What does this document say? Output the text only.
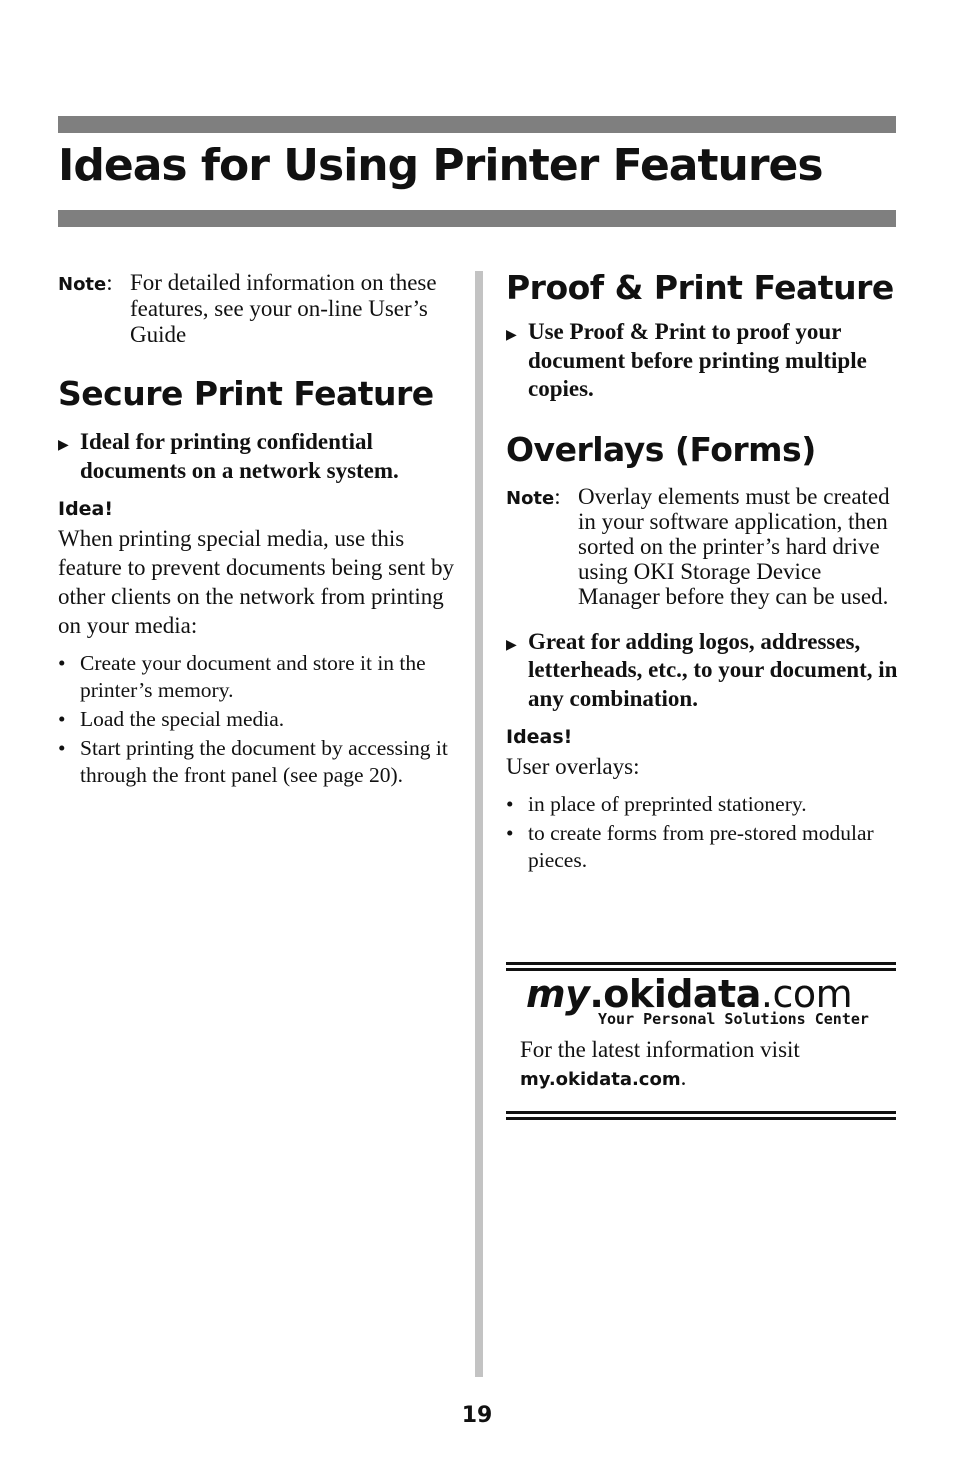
Ideas for Using Printer Features
Note: For detailed information on these features, see your on-line User’s Guide
Secure Print Feature
▶ Ideal for printing confidential documents on a network system.
Idea!
When printing special media, use this feature to prevent documents being sent by other clients on the network from printing on your media:
• Create your document and store it in the printer’s memory.
• Load the special media.
• Start printing the document by accessing it through the front panel (see page 20).
Proof & Print Feature
▶ Use Proof & Print to proof your document before printing multiple copies.
Overlays (Forms)
Note: Overlay elements must be created in your software application, then sorted on the printer’s hard drive using OKI Storage Device Manager before they can be used.
▶ Great for adding logos, addresses, letterheads, etc., to your document, in any combination.
Ideas!
User overlays:
• in place of preprinted stationery.
• to create forms from pre-stored modular pieces.
my.okidata.com
Your Personal Solutions Center
For the latest information visit
my.okidata.com.
19
